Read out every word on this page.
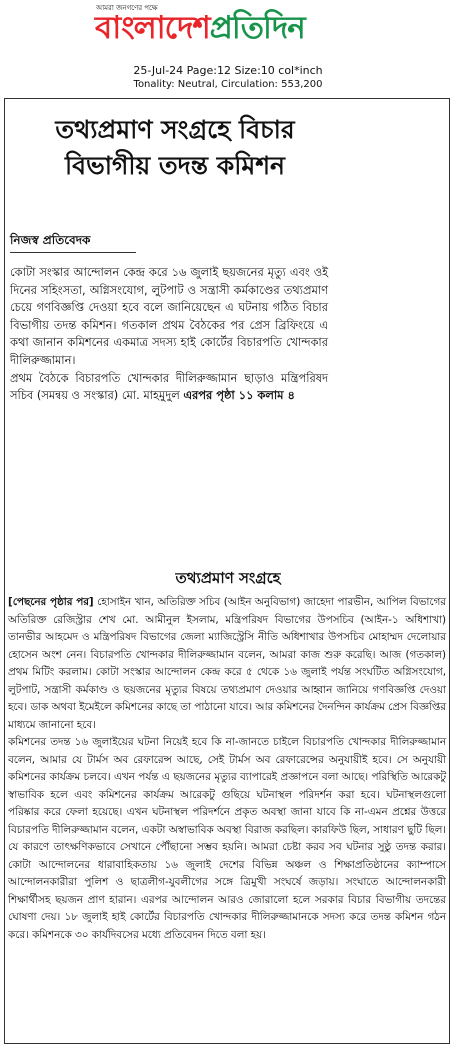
আমরা জনগণের পক্ষে
বাংলাদেশপ্রতিদিন
25-Jul-24 Page:12 Size:10 col*inch
Tonality: Neutral, Circulation: 553,200
তথ্যপ্রমাণ সংগ্রহে বিচার বিভাগীয় তদন্ত কমিশন
নিজস্ব প্রতিবেদক

কোটা সংস্কার আন্দোলন কেন্দ্র করে ১৬ জুলাই ছয়জনের মৃত্যু এবং ওই দিনের সহিংসতা, অগ্নিসংযোগ, লুটপাট ও সন্ত্রাসী কর্মকাণ্ডের তথ্যপ্রমাণ চেয়ে গণবিজ্ঞপ্তি দেওয়া হবে বলে জানিয়েছেন এ ঘটনায় গঠিত বিচার বিভাগীয় তদন্ত কমিশন। গতকাল প্রথম বৈঠকের পর প্রেস ব্রিফিংয়ে এ কথা জানান কমিশনের একমাত্র সদস্য হাই কোর্টের বিচারপতি খোন্দকার দীলিরুজ্জামান।

প্রথম বৈঠকে বিচারপতি খোন্দকার দীলিরুজ্জামান ছাড়াও মন্ত্রিপরিষদ সচিব (সমন্বয় ও সংস্কার) মো. মাহমুদুল এরপর পৃষ্ঠা ১১ কলাম ৪

তথ্যপ্রমাণ সংগ্রহে

[পেছনের পৃষ্ঠার পর] হোসাইন খান, অতিরিক্ত সচিব (আইন অনুবিভাগ) জাহেদা পারভীন, আপিল বিভাগের অতিরিক্ত রেজিস্ট্রার শেখ মো. আমীনুল ইসলাম, মন্ত্রিপরিষদ বিভাগের উপসচিব (আইন-১ অধিশাখা) তানভীর আহমেদ ও মন্ত্রিপরিষদ বিভাগের জেলা ম্যাজিস্ট্রেসি নীতি অধিশাখার উপসচিব মোহাম্মদ দেলোয়ার হোসেন অংশ নেন। বিচারপতি খোন্দকার দীলিরুজ্জামান বলেন, আমরা কাজ শুরু করেছি। আজ (গতকাল) প্রথম মিটিং করলাম। কোটা সংস্কার আন্দোলন কেন্দ্র করে ৫ থেকে ১৬ জুলাই পর্যন্ত সংঘটিত অগ্নিসংযোগ, লুটপাট, সন্ত্রাসী কর্মকাণ্ড ও ছয়জনের মৃত্যুর বিষয়ে তথ্যপ্রমাণ দেওয়ার আহ্বান জানিয়ে গণবিজ্ঞপ্তি দেওয়া হবে। ডাক অথবা ইমেইলে কমিশনের কাছে তা পাঠানো যাবে। আর কমিশনের দৈনন্দিন কার্যক্রম প্রেস বিজ্ঞপ্তির মাধ্যমে জানানো হবে।

কমিশনের তদন্ত ১৬ জুলাইয়ের ঘটনা নিয়েই হবে কি না-জানতে চাইলে বিচারপতি খোন্দকার দীলিরুজ্জামান বলেন, আমার যে টার্মস অব রেফারেন্স আছে, সেই টার্মস অব রেফারেন্সের অনুযায়ীই হবে। সে অনুযায়ী কমিশনের কার্যক্রম চলবে। এখন পর্যন্ত এ ছয়জনের মৃত্যুর ব্যাপারেই প্রজ্ঞাপনে বলা আছে। পরিস্থিতি আরেকটু স্বাভাবিক হলে এবং কমিশনের কার্যক্রম আরেকটু গুছিয়ে ঘটনাস্থল পরিদর্শন করা হবে। ঘটনাস্থলগুলো পরিষ্কার করে ফেলা হয়েছে। এখন ঘটনাস্থল পরিদর্শনে প্রকৃত অবস্থা জানা যাবে কি না-এমন প্রশ্নের উত্তরে বিচারপতি দীলিরুজ্জামান বলেন, একটা অস্বাভাবিক অবস্থা বিরাজ করছিল। কারফিউ ছিল, সাধারণ ছুটি ছিল। যে কারণে তাৎক্ষণিকভাবে সেখানে পৌঁছানো সম্ভব হয়নি। আমরা চেষ্টা করব সব ঘটনার সুষ্ঠু তদন্ত করার। কোটা আন্দোলনের ধারাবাহিকতায় ১৬ জুলাই দেশের বিভিন্ন অঞ্চল ও শিক্ষাপ্রতিষ্ঠানের ক্যাম্পাসে আন্দোলনকারীরা পুলিশ ও ছাত্রলীগ-যুবলীগের সঙ্গে ত্রিমুখী সংঘর্ষে জড়ায়। সংঘাতে আন্দোলনকারী শিক্ষার্থীসহ ছয়জন প্রাণ হারান। এরপর আন্দোলন আরও জোরালো হলে সরকার বিচার বিভাগীয় তদন্তের ঘোষণা দেয়। ১৮ জুলাই হাই কোর্টের বিচারপতি খোন্দকার দীলিরুজ্জামানকে সদস্য করে তদন্ত কমিশন গঠন করে। কমিশনকে ৩০ কার্যদিবসের মধ্যে প্রতিবেদন দিতে বলা হয়।
